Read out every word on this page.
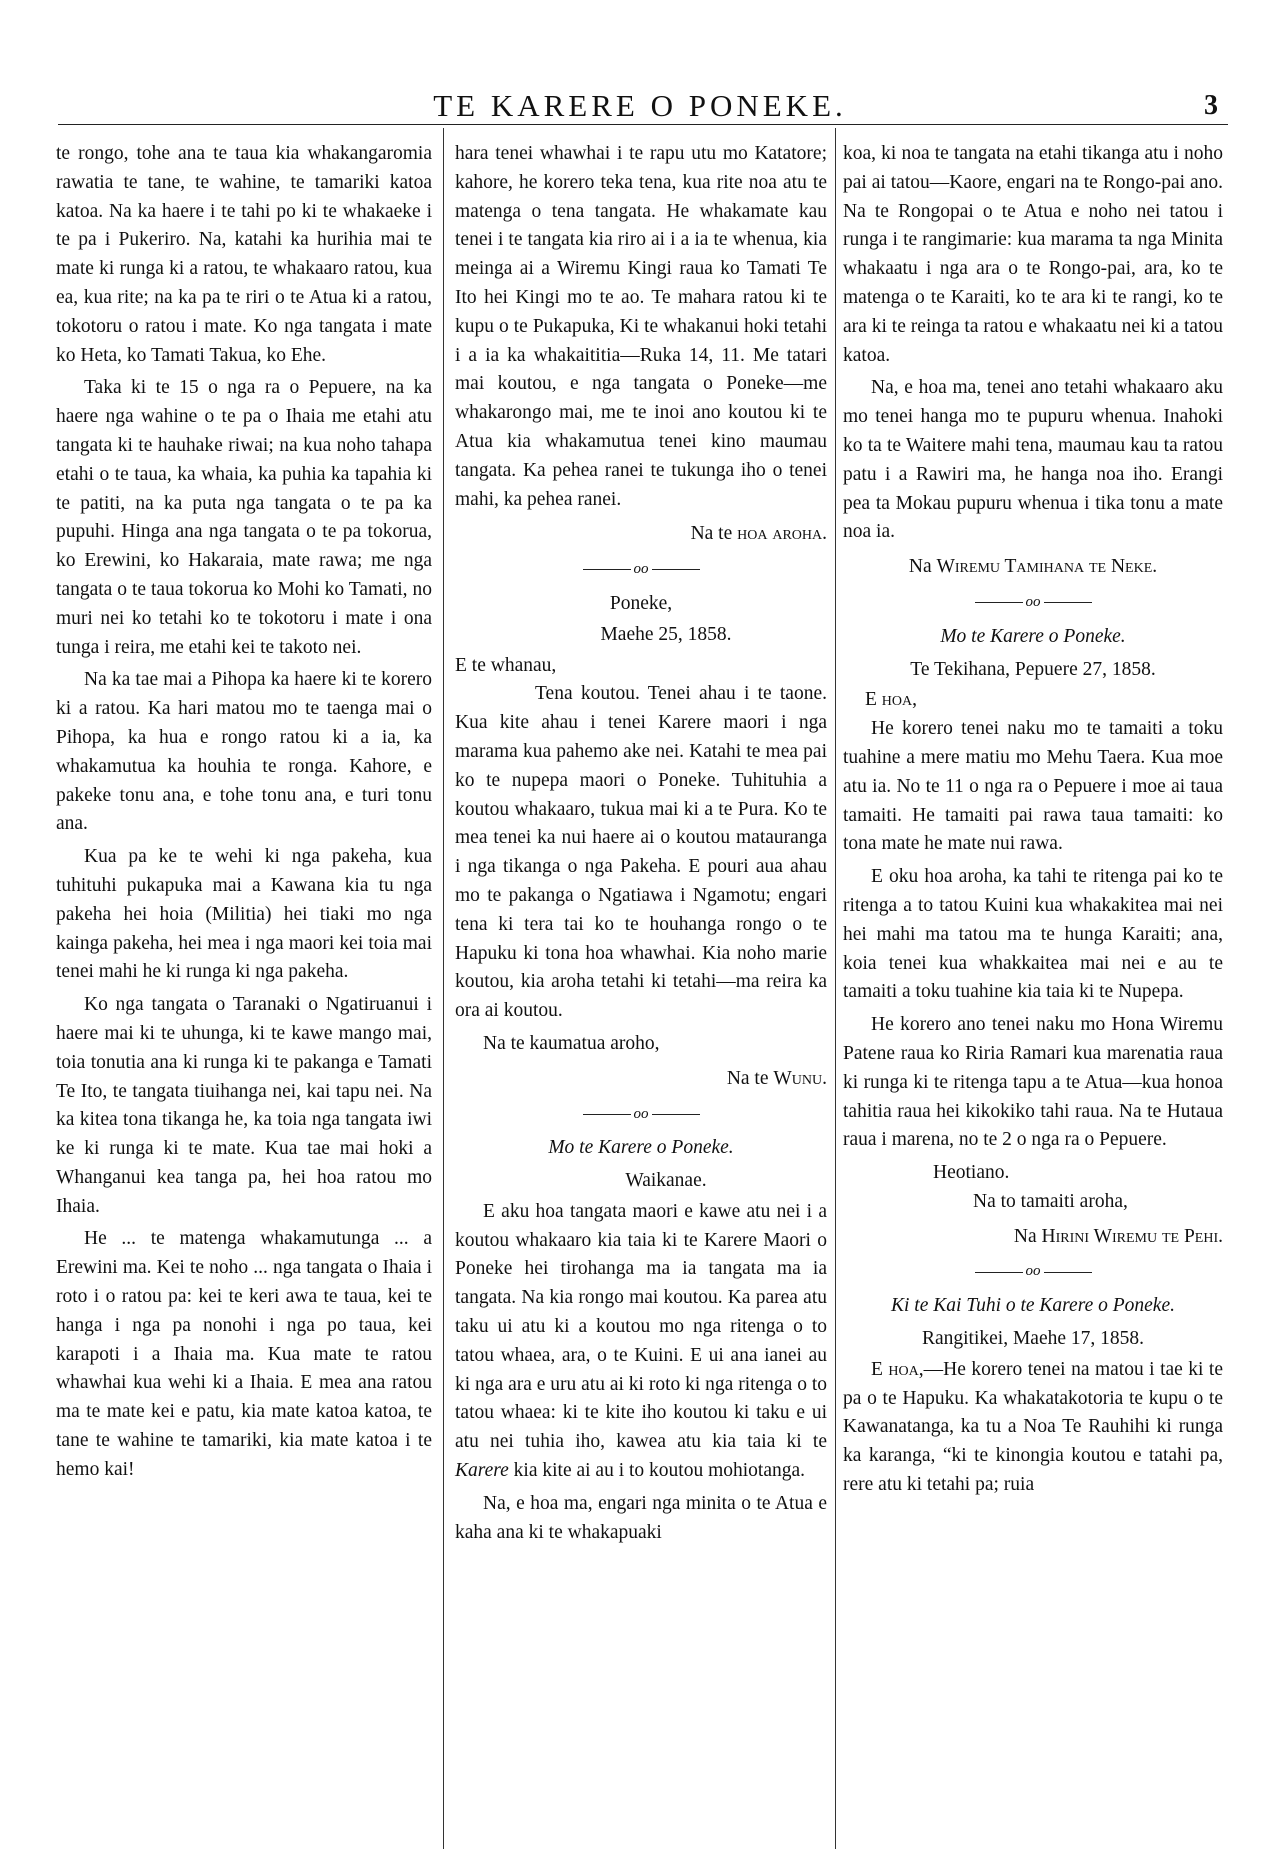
TE KARERE O PONEKE.	3

te rongo, tohe ana te taua kia whakangaromia rawatia te tane, te wahine, te tamariki katoa katoa. Na ka haere i te tahi po ki te whakaeke i te pa i Pukeriro. Na, katahi ka hurihia mai te mate ki runga ki a ratou, te whakaaro ratou, kua ea, kua rite; na ka pa te riri o te Atua ki a ratou, tokotoru o ratou i mate. Ko nga tangata i mate ko Heta, ko Tamati Takua, ko Ehe.

Taka ki te 15 o nga ra o Pepuere, na ka haere nga wahine o te pa o Ihaia me etahi atu tangata ki te hauhake riwai; na kua noho tahapa etahi o te taua, ka whaia, ka puhia ka tapahia ki te patiti, na ka puta nga tangata o te pa ka pupuhi. Hinga ana nga tangata o te pa tokorua, ko Erewini, ko Hakaraia, mate rawa; me nga tangata o te taua tokorua ko Mohi ko Tamati, no muri nei ko tetahi ko te tokotoru i mate i ona tunga i reira, me etahi kei te takoto nei.

Na ka tae mai a Pihopa ka haere ki te korero ki a ratou. Ka hari matou mo te taenga mai o Pihopa, ka hua e rongo ratou ki a ia, ka whakamutua ka houhia te ronga. Kahore, e pakeke tonu ana, e tohe tonu ana, e turi tonu ana.

Kua pa ke te wehi ki nga pakeha, kua tuhituhi pukapuka mai a Kawana kia tu nga pakeha hei hoia (Militia) hei tiaki mo nga kainga pakeha, hei mea i nga maori kei toia mai tenei mahi he ki runga ki nga pakeha.

Ko nga tangata o Taranaki o Ngatiruanui i haere mai ki te uhunga, ki te kawe mango mai, toia tonutia ana ki runga ki te pakanga e Tamati Te Ito, te tangata tiuihanga nei, kai tapu nei. Na ka kitea tona tikanga he, ka toia nga tangata iwi ke ki runga ki te mate. Kua tae mai hoki a Whanganui kea tanga pa, hei hoa ratou mo Ihaia.

He ... te matenga whakamutunga ... a Erewini ma. Kei te noho ... nga tangata o Ihaia i roto i o ratou pa: kei te keri awa te taua, kei te hanga i nga pa nonohi i nga po taua, kei karapoti i a Ihaia ma. Kua mate te ratou whawhai kua wehi ki a Ihaia. E mea ana ratou ma te mate kei e patu, kia mate katoa katoa, te tane te wahine te tamariki, kia mate katoa i te hemo kai!

hara tenei whawhai i te rapu utu mo Katatore; kahore, he korero teka tena, kua rite noa atu te matenga o tena tangata. He whakamate kau tenei i te tangata kia riro ai i a ia te whenua, kia meinga ai a Wiremu Kingi raua ko Tamati Te Ito hei Kingi mo te ao. Te mahara ratou ki te kupu o te Pukapuka, Ki te whakanui hoki tetahi i a ia ka whakaititia—Ruka 14, 11. Me tatari mai koutou, e nga tangata o Poneke—me whakarongo mai, me te inoi ano koutou ki te Atua kia whakamutua tenei kino maumau tangata. Ka pehea ranei te tukunga iho o tenei mahi, ka pehea ranei.

Na te hoa aroha.
oo
Poneke,
Maehe 25, 1858.
E te whanau,

Tena koutou. Tenei ahau i te taone. Kua kite ahau i tenei Karere maori i nga marama kua pahemo ake nei. Katahi te mea pai ko te nupepa maori o Poneke. Tuhituhia a koutou whakaaro, tukua mai ki a te Pura. Ko te mea tenei ka nui haere ai o koutou matauranga i nga tikanga o nga Pakeha. E pouri aua ahau mo te pakanga o Ngatiawa i Ngamotu; engari tena ki tera tai ko te houhanga rongo o te Hapuku ki tona hoa whawhai. Kia noho marie koutou, kia aroha tetahi ki tetahi—ma reira ka ora ai koutou.

Na te kaumatua aroho,
Na te Wunu.
oo
Mo te Karere o Poneke.
Waikanae.

E aku hoa tangata maori e kawe atu nei i a koutou whakaaro kia taia ki te Karere Maori o Poneke hei tirohanga ma ia tangata ma ia tangata. Na kia rongo mai koutou. Ka parea atu taku ui atu ki a koutou mo nga ritenga o to tatou whaea, ara, o te Kuini. E ui ana ianei au ki nga ara e uru atu ai ki roto ki nga ritenga o to tatou whaea: ki te kite iho koutou ki taku e ui atu nei tuhia iho, kawea atu kia taia ki te Karere kia kite ai au i to koutou mohiotanga.

Na, e hoa ma, engari nga minita o te Atua e kaha ana ki te whakapuaki

koa, ki noa te tangata na etahi tikanga atu i noho pai ai tatou—Kaore, engari na te Rongo-pai ano. Na te Rongopai o te Atua e noho nei tatou i runga i te rangimarie: kua marama ta nga Minita whakaatu i nga ara o te Rongo-pai, ara, ko te matenga o te Karaiti, ko te ara ki te rangi, ko te ara ki te reinga ta ratou e whakaatu nei ki a tatou katoa.

Na, e hoa ma, tenei ano tetahi whakaaro aku mo tenei hanga mo te pupuru whenua. Inahoki ko ta te Waitere mahi tena, maumau kau ta ratou patu i a Rawiri ma, he hanga noa iho. Erangi pea ta Mokau pupuru whenua i tika tonu a mate noa ia.

Na Wiremu Tamihana te Neke.
oo
Mo te Karere o Poneke.
Te Tekihana, Pepuere 27, 1858.
E hoa,

He korero tenei naku mo te tamaiti a toku tuahine a mere matiu mo Mehu Taera. Kua moe atu ia. No te 11 o nga ra o Pepuere i moe ai taua tamaiti. He tamaiti pai rawa taua tamaiti: ko tona mate he mate nui rawa.

E oku hoa aroha, ka tahi te ritenga pai ko te ritenga a to tatou Kuini kua whakakitea mai nei hei mahi ma tatou ma te hunga Karaiti; ana, koia tenei kua whakkaitea mai nei e au te tamaiti a toku tuahine kia taia ki te Nupepa.

He korero ano tenei naku mo Hona Wiremu Patene raua ko Riria Ramari kua marenatia raua ki runga ki te ritenga tapu a te Atua—kua honoa tahitia raua hei kikokiko tahi raua. Na te Hutaua raua i marena, no te 2 o nga ra o Pepuere.

Heotiano.
Na to tamaiti aroha,
Na Hirini Wiremu te Pehi.
oo
Ki te Kai Tuhi o te Karere o Poneke.
Rangitikei, Maehe 17, 1858.

E hoa,—He korero tenei na matou i tae ki te pa o te Hapuku. Ka whakatakotoria te kupu o te Kawanatanga, ka tu a Noa Te Rauhihi ki runga ka karanga, “ki te kinongia koutou e tatahi pa, rere atu ki tetahi pa; ruia
